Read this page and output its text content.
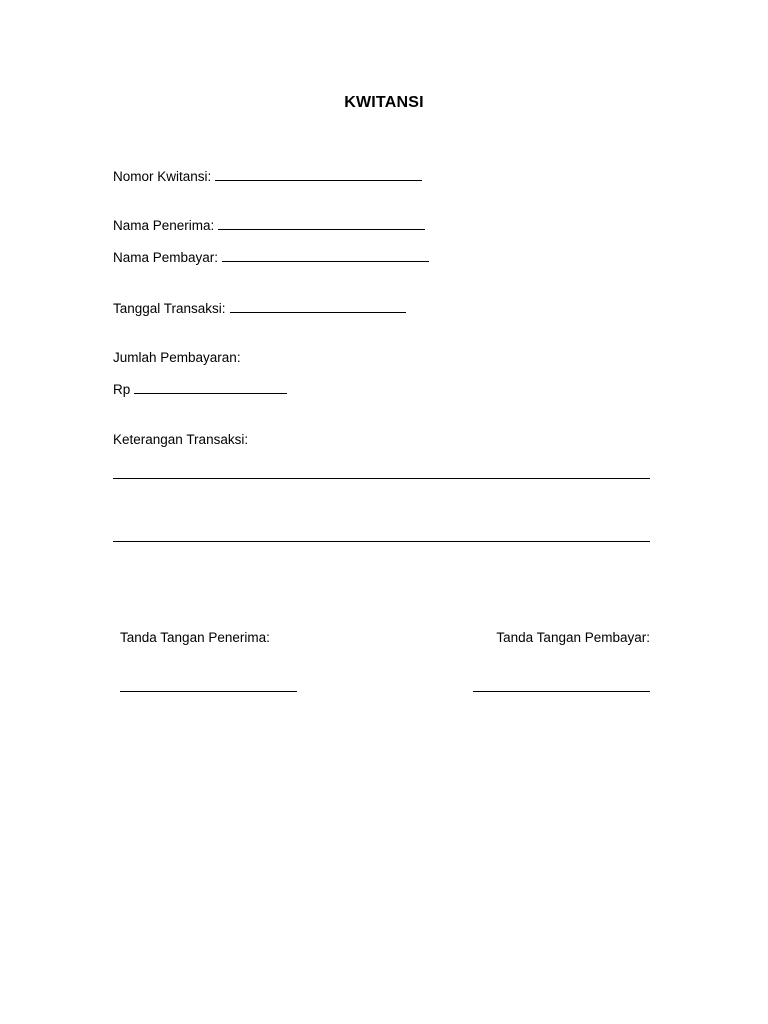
KWITANSI
Nomor Kwitansi:
Nama Penerima:
Nama Pembayar:
Tanggal Transaksi:
Jumlah Pembayaran:
Rp
Keterangan Transaksi:
Tanda Tangan Penerima:	Tanda Tangan Pembayar:
